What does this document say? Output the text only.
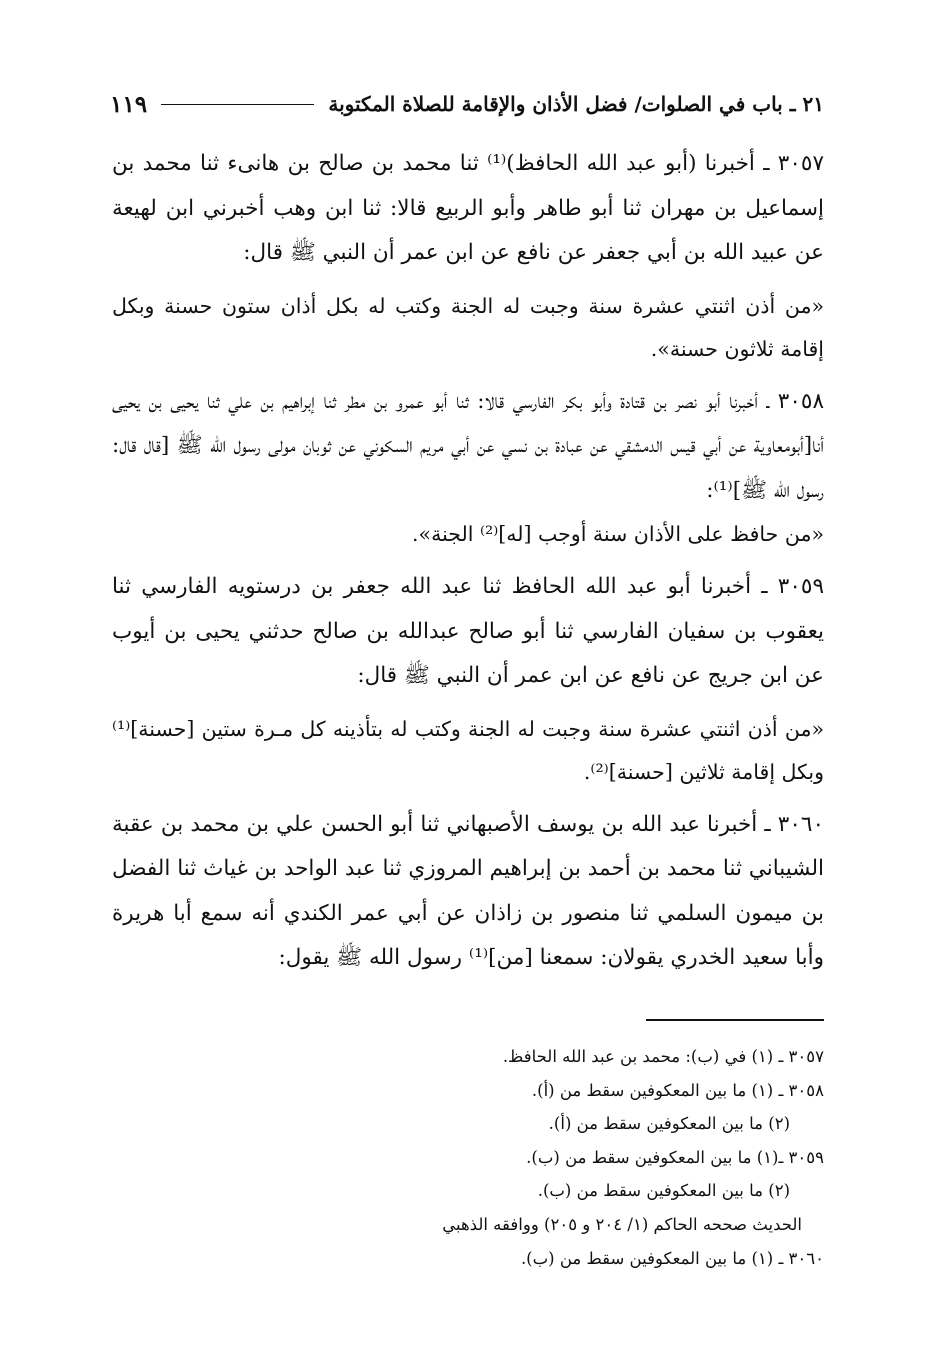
٢١ ـ باب في الصلوات/ فضل الأذان والإقامة للصلاة المكتوبة
١١٩

٣٠٥٧ ـ أخبرنا (أبو عبد الله الحافظ)⁽¹⁾ ثنا محمد بن صالح بن هانىء ثنا محمد بن إسماعيل بن مهران ثنا أبو طاهر وأبو الربيع قالا: ثنا ابن وهب أخبرني ابن لهيعة عن عبيد الله بن أبي جعفر عن نافع عن ابن عمر أن النبي ﷺ قال:

«من أذن اثنتي عشرة سنة وجبت له الجنة وكتب له بكل أذان ستون حسنة وبكل إقامة ثلاثون حسنة».

٣٠٥٨ ـ أخبرنا أبو نصر بن قتادة وأبو بكر الفارسي قالا: ثنا أبو عمرو بن مطر ثنا إبراهيم بن علي ثنا يحيى بن يحيى أنا[أبومعاوية عن أبي قيس الدمشقي عن عبادة بن نسي عن أبي مريم السكوني عن ثوبان مولى رسول الله ﷺ [قال قال: رسول الله ﷺ]⁽¹⁾:

«من حافظ على الأذان سنة أوجب [له]⁽²⁾ الجنة».

٣٠٥٩ ـ أخبرنا أبو عبد الله الحافظ ثنا عبد الله جعفر بن درستويه الفارسي ثنا يعقوب بن سفيان الفارسي ثنا أبو صالح عبدالله بن صالح حدثني يحيى بن أيوب عن ابن جريج عن نافع عن ابن عمر أن النبي ﷺ قال:

«من أذن اثنتي عشرة سنة وجبت له الجنة وكتب له بتأذينه كل مـرة ستين [حسنة]⁽¹⁾ وبكل إقامة ثلاثين [حسنة]⁽²⁾.

٣٠٦٠ ـ أخبرنا عبد الله بن يوسف الأصبهاني ثنا أبو الحسن علي بن محمد بن عقبة الشيباني ثنا محمد بن أحمد بن إبراهيم المروزي ثنا عبد الواحد بن غياث ثنا الفضل بن ميمون السلمي ثنا منصور بن زاذان عن أبي عمر الكندي أنه سمع أبا هريرة وأبا سعيد الخدري يقولان: سمعنا [من]⁽¹⁾ رسول الله ﷺ يقول:

٣٠٥٧ ـ (١) في (ب): محمد بن عبد الله الحافظ.
٣٠٥٨ ـ (١) ما بين المعكوفين سقط من (أ).
(٢) ما بين المعكوفين سقط من (أ).
٣٠٥٩ ـ(١) ما بين المعكوفين سقط من (ب).
(٢) ما بين المعكوفين سقط من (ب).
الحديث صححه الحاكم (١/ ٢٠٤ و ٢٠٥) ووافقه الذهبي
٣٠٦٠ ـ (١) ما بين المعكوفين سقط من (ب).
